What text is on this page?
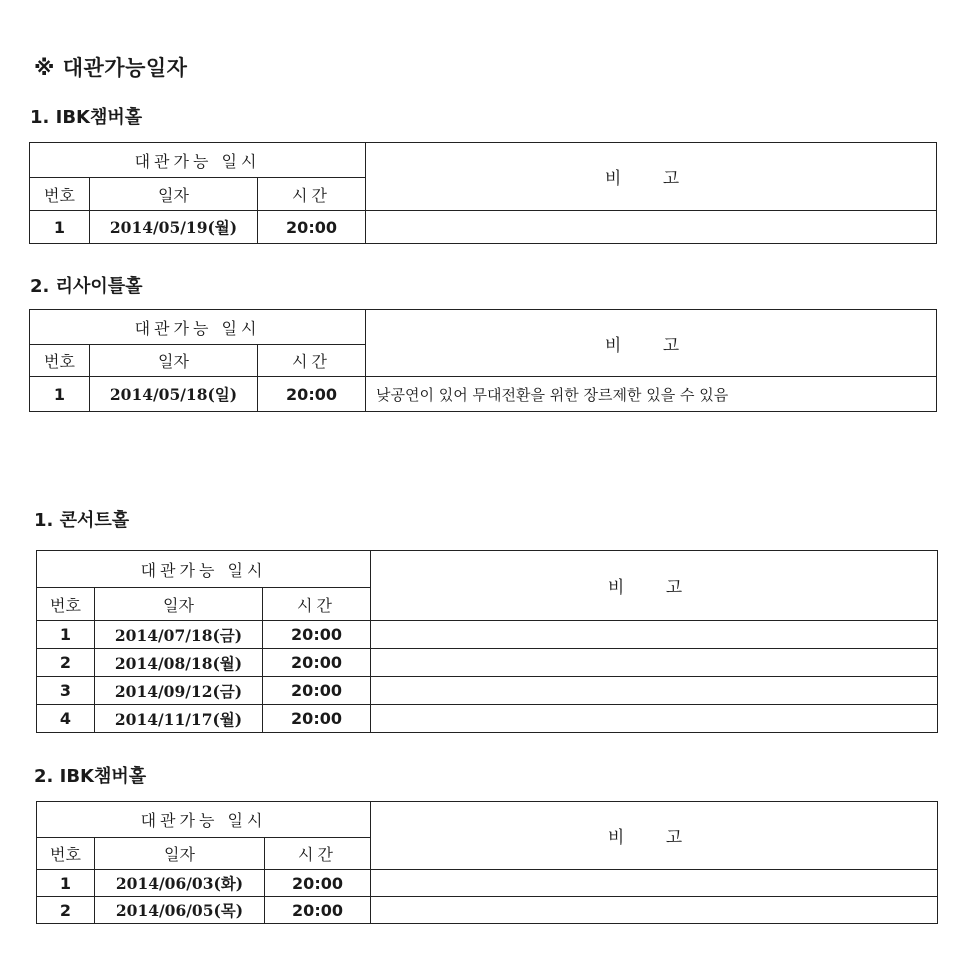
※ 대관가능일자
1. IBK챔버홀
대관가능 일시			비 고
번호	일자	시간	
1	2014/05/19(월)	20:00	
2. 리사이틀홀
대관가능 일시			비 고
번호	일자	시간	
1	2014/05/18(일)	20:00	낮공연이 있어 무대전환을 위한 장르제한 있을 수 있음
1. 콘서트홀
대관가능 일시			비 고
번호	일자	시간	
1	2014/07/18(금)	20:00	
2	2014/08/18(월)	20:00	
3	2014/09/12(금)	20:00	
4	2014/11/17(월)	20:00	
2. IBK챔버홀
대관가능 일시			비 고
번호	일자	시간	
1	2014/06/03(화)	20:00	
2	2014/06/05(목)	20:00	
